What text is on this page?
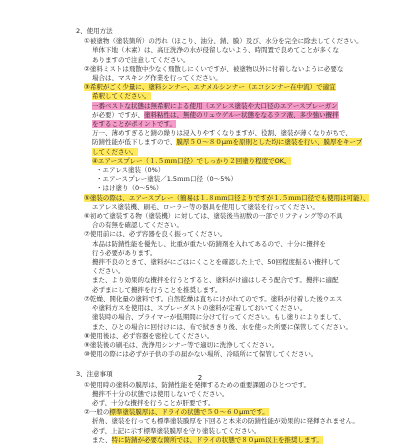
2、使用方法
①被塗物（塗装箇所）の汚れ（ほこり、油分、錆、膜）及び、水分を完全に除去してください。
単体下地（木素）は、高圧洗浄の水が侵留しないよう、時間置で良めてことが多くな
ありますので注意してください。
②塗料ミストは飛散中少なく飛散しにくいですが、被塗物以外に付着しないように必要な
場合は、マスキング作業を行ってください。
③希釈がごく少量に、塗料シンナー、エナメルシンナー（エコシンナー在中流）で適宜
希釈してください。
一番ベストな状態は無希釈による使用（エアレス塗装や大口径のエアースプレーガン
が必要）ですが、塗料粘性は、無使のリュウゲルー状態をなるラフ液、多少強い攪拌
をすることがポイントです。
万一、薄めすぎると錆の繰りは浸入りやすくなりますが、役割、塗装が薄くなりがちで、
防錆性能が低下しますので、膜厚５０～８０μｍを原則とした均に塗装を行い、膜厚をキープ
してください。
④エアースプレー（１.５ｍｍ口径）でしっかり２回塗り程度でOK。
・エアレス塗装（0%）
・エアースプレー塗装／1.5ｍｍ口径（0～5%）
・はけ塗り（0～5%）
⑤塗装の際は、エアースプレー（簡易は１.８ｍｍ口径よりですが１.５ｍｍ口径でも使用は可能）、
エアレス塗装機、刷毛、ローラー等の器具を使用して塗装を行ってください。
⑥初めて塗装する物（塗装機）に対しては、塗装後当初数の一部でリフティング等の不具
合の有無を確認してください。
⑦使用前には、必ず容器を良く振ってください。
本品は防錆性能を優先し、比重が重たい防錆剤を入れてあるので、十分に攪拌を
行う必要があります。
攪拌不良のときて、塗料がにごはにくことを確認した上で、50回程度振るい攪拌して
ください。
また、より効果的な攪拌を行うとすると、塗料がけ適はしそう配合です。攪拌に適配
必ずまにして攪拌を行うことを推奨します。
⑦乾燥、開化量の塗料です。自然乾燥は直ちにけがれてのです。塗料が付着した後ウエス
や塗料方スを使用は、スプレーダストの塗料が定着しておいてください。
塗装時の場合、プライマーが低期間に分けて行ってください。もし塗りによりまして、
また、ひとの場合に回付けには、布で拭ききり後、水を使った所要に保管してください。
⑧使用後は、必ず容器を密栓してください。
⑨塗装後の刷毛は、洗浄用シンナー等で適切に洗浄してください。
⑩使用の際には必ずが子供の手の届かない場所、冷暗所にて保管してください。
3、注意事項
①使用時の塗料の膜厚は、防錆性能を発揮するための重要課題のひとつです。
攪拌不十分の状態では使用しないでください。
必ず、十分な攪拌を行うことが肝要です。
②一般の標準塗装膜厚は、ドライの状態で５０～６０μｍです。
折角、塗装を行っても標準塗装膜厚を下回ると本来の防錆性能が効果的に発揮されません。
必ず、上記に示す標準塗装膜厚を守り塗装してください。
また、特に防錆が必要な箇所では、ドライの状態で８０μｍ以上を推奨します。
2
